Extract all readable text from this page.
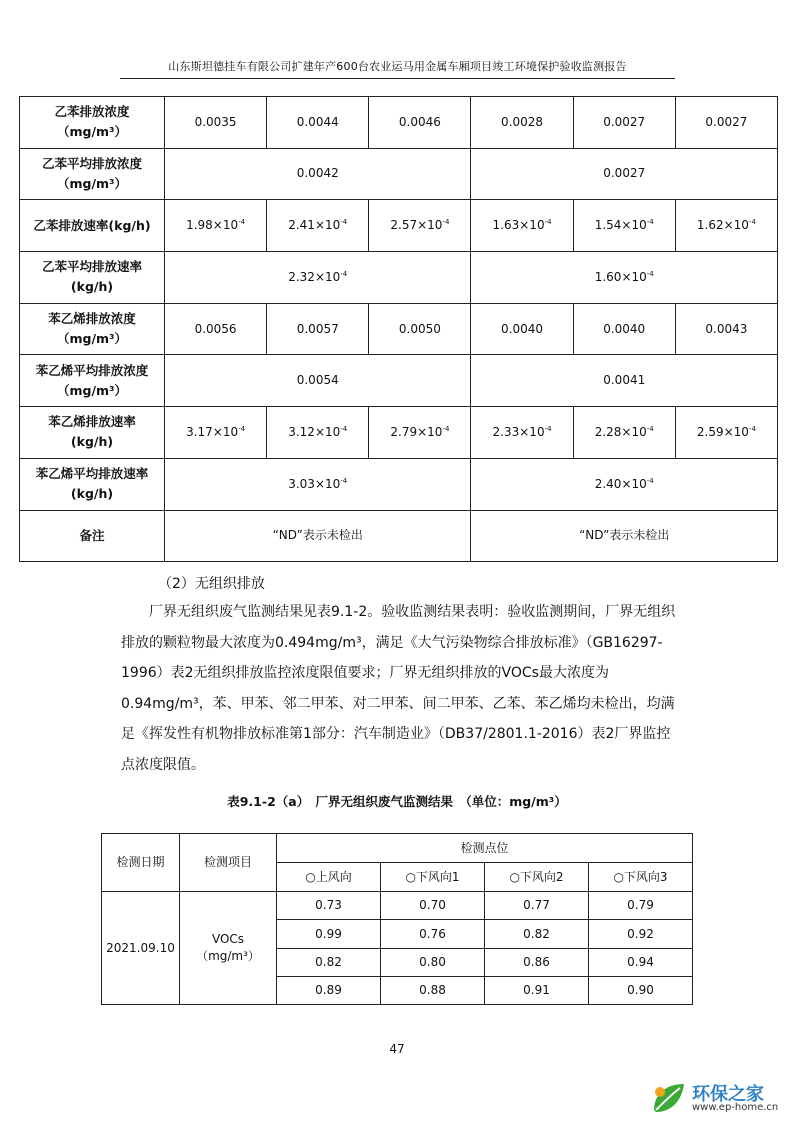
山东斯坦德挂车有限公司扩建年产600台农业运马用金属车厢项目竣工环境保护验收监测报告
乙苯排放浓度
（mg/m³）	0.0035	0.0044	0.0046	0.0028	0.0027	0.0027

乙苯平均排放浓度
（mg/m³）	0.0042			0.0027		

乙苯排放速率(kg/h)	$1.98\times 10^{-4}$	$2.41\times 10^{-4}$	$2.57\times 10^{-4}$	$1.63\times 10^{-4}$	$1.54\times 10^{-4}$	$1.62\times 10^{-4}$

乙苯平均排放速率
(kg/h)	$2.32\times 10^{-4}$			$1.60\times 10^{-4}$

苯乙烯排放浓度
（mg/m³）	0.0056	0.0057	0.0050	0.0040	0.0040	0.0043

苯乙烯平均排放浓度
（mg/m³）	0.0054			0.0041		

苯乙烯排放速率
(kg/h)	$3.17\times 10^{-4}$	$3.12\times 10^{-4}$	$2.79\times 10^{-4}$	$2.33\times 10^{-4}$	$2.28\times 10^{-4}$	$2.59\times 10^{-4}$

苯乙烯平均排放速率
(kg/h)	$3.03\times 10^{-4}$			$2.40\times 10^{-4}$

备注	“ND”表示未检出			“ND”表示未检出		
（2）无组织排放
厂界无组织废气监测结果见表9.1-2。验收监测结果表明：验收监测期间，厂界无组织排放的颗粒物最大浓度为0.494mg/m³，满足《大气污染物综合排放标准》（GB16297-1996）表2无组织排放监控浓度限值要求；厂界无组织排放的VOCs最大浓度为0.94mg/m³，苯、甲苯、邻二甲苯、对二甲苯、间二甲苯、乙苯、苯乙烯均未检出，均满足《挥发性有机物排放标准第1部分：汽车制造业》（DB37/2801.1-2016）表2厂界监控点浓度限值。
表9.1-2（a）　厂界无组织废气监测结果　（单位：mg/m³）
检测日期	检测项目	检测点位			
		○上风向	○下风向1	○下风向2	○下风向3
2021.09.10	VOCs
（mg/m³）	0.73	0.70	0.77	0.79
		0.99	0.76	0.82	0.92
		0.82	0.80	0.86	0.94
		0.89	0.88	0.91	0.90
47
环保之家
www.ep-home.cn
